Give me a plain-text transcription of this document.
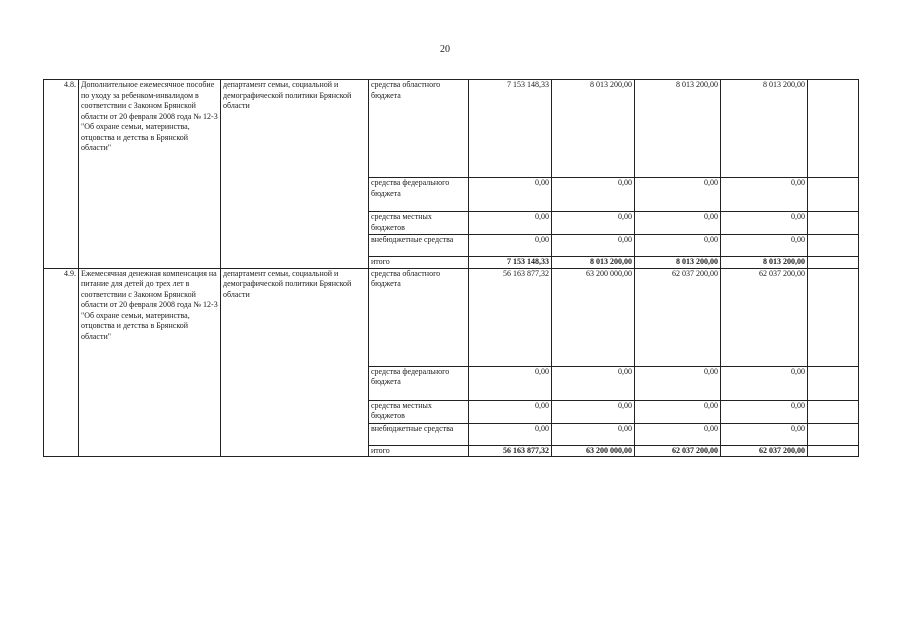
20
4.8.	Дополнительное ежемесячное пособие по уходу за ребенком-инвалидом в соответствии с Законом Брянской области от 20 февраля 2008 года № 12-3 "Об охране семьи, материнства, отцовства и детства в Брянской области"	департамент семьи, социальной и демографической политики Брянской области	средства областного бюджета	7 153 148,33	8 013 200,00	8 013 200,00	8 013 200,00	
			средства федерального бюджета	0,00	0,00	0,00	0,00	
			средства местных бюджетов	0,00	0,00	0,00	0,00	
			внебюджетные средства	0,00	0,00	0,00	0,00	
			итого	7 153 148,33	8 013 200,00	8 013 200,00	8 013 200,00	
4.9.	Ежемесячная денежная компенсация на питание для детей до трех лет в соответствии с Законом Брянской области от 20 февраля 2008 года № 12-3 "Об охране семьи, материнства, отцовства и детства в Брянской области"	департамент семьи, социальной и демографической политики Брянской области	средства областного бюджета	56 163 877,32	63 200 000,00	62 037 200,00	62 037 200,00	
			средства федерального бюджета	0,00	0,00	0,00	0,00	
			средства местных бюджетов	0,00	0,00	0,00	0,00	
			внебюджетные средства	0,00	0,00	0,00	0,00	
			итого	56 163 877,32	63 200 000,00	62 037 200,00	62 037 200,00	
